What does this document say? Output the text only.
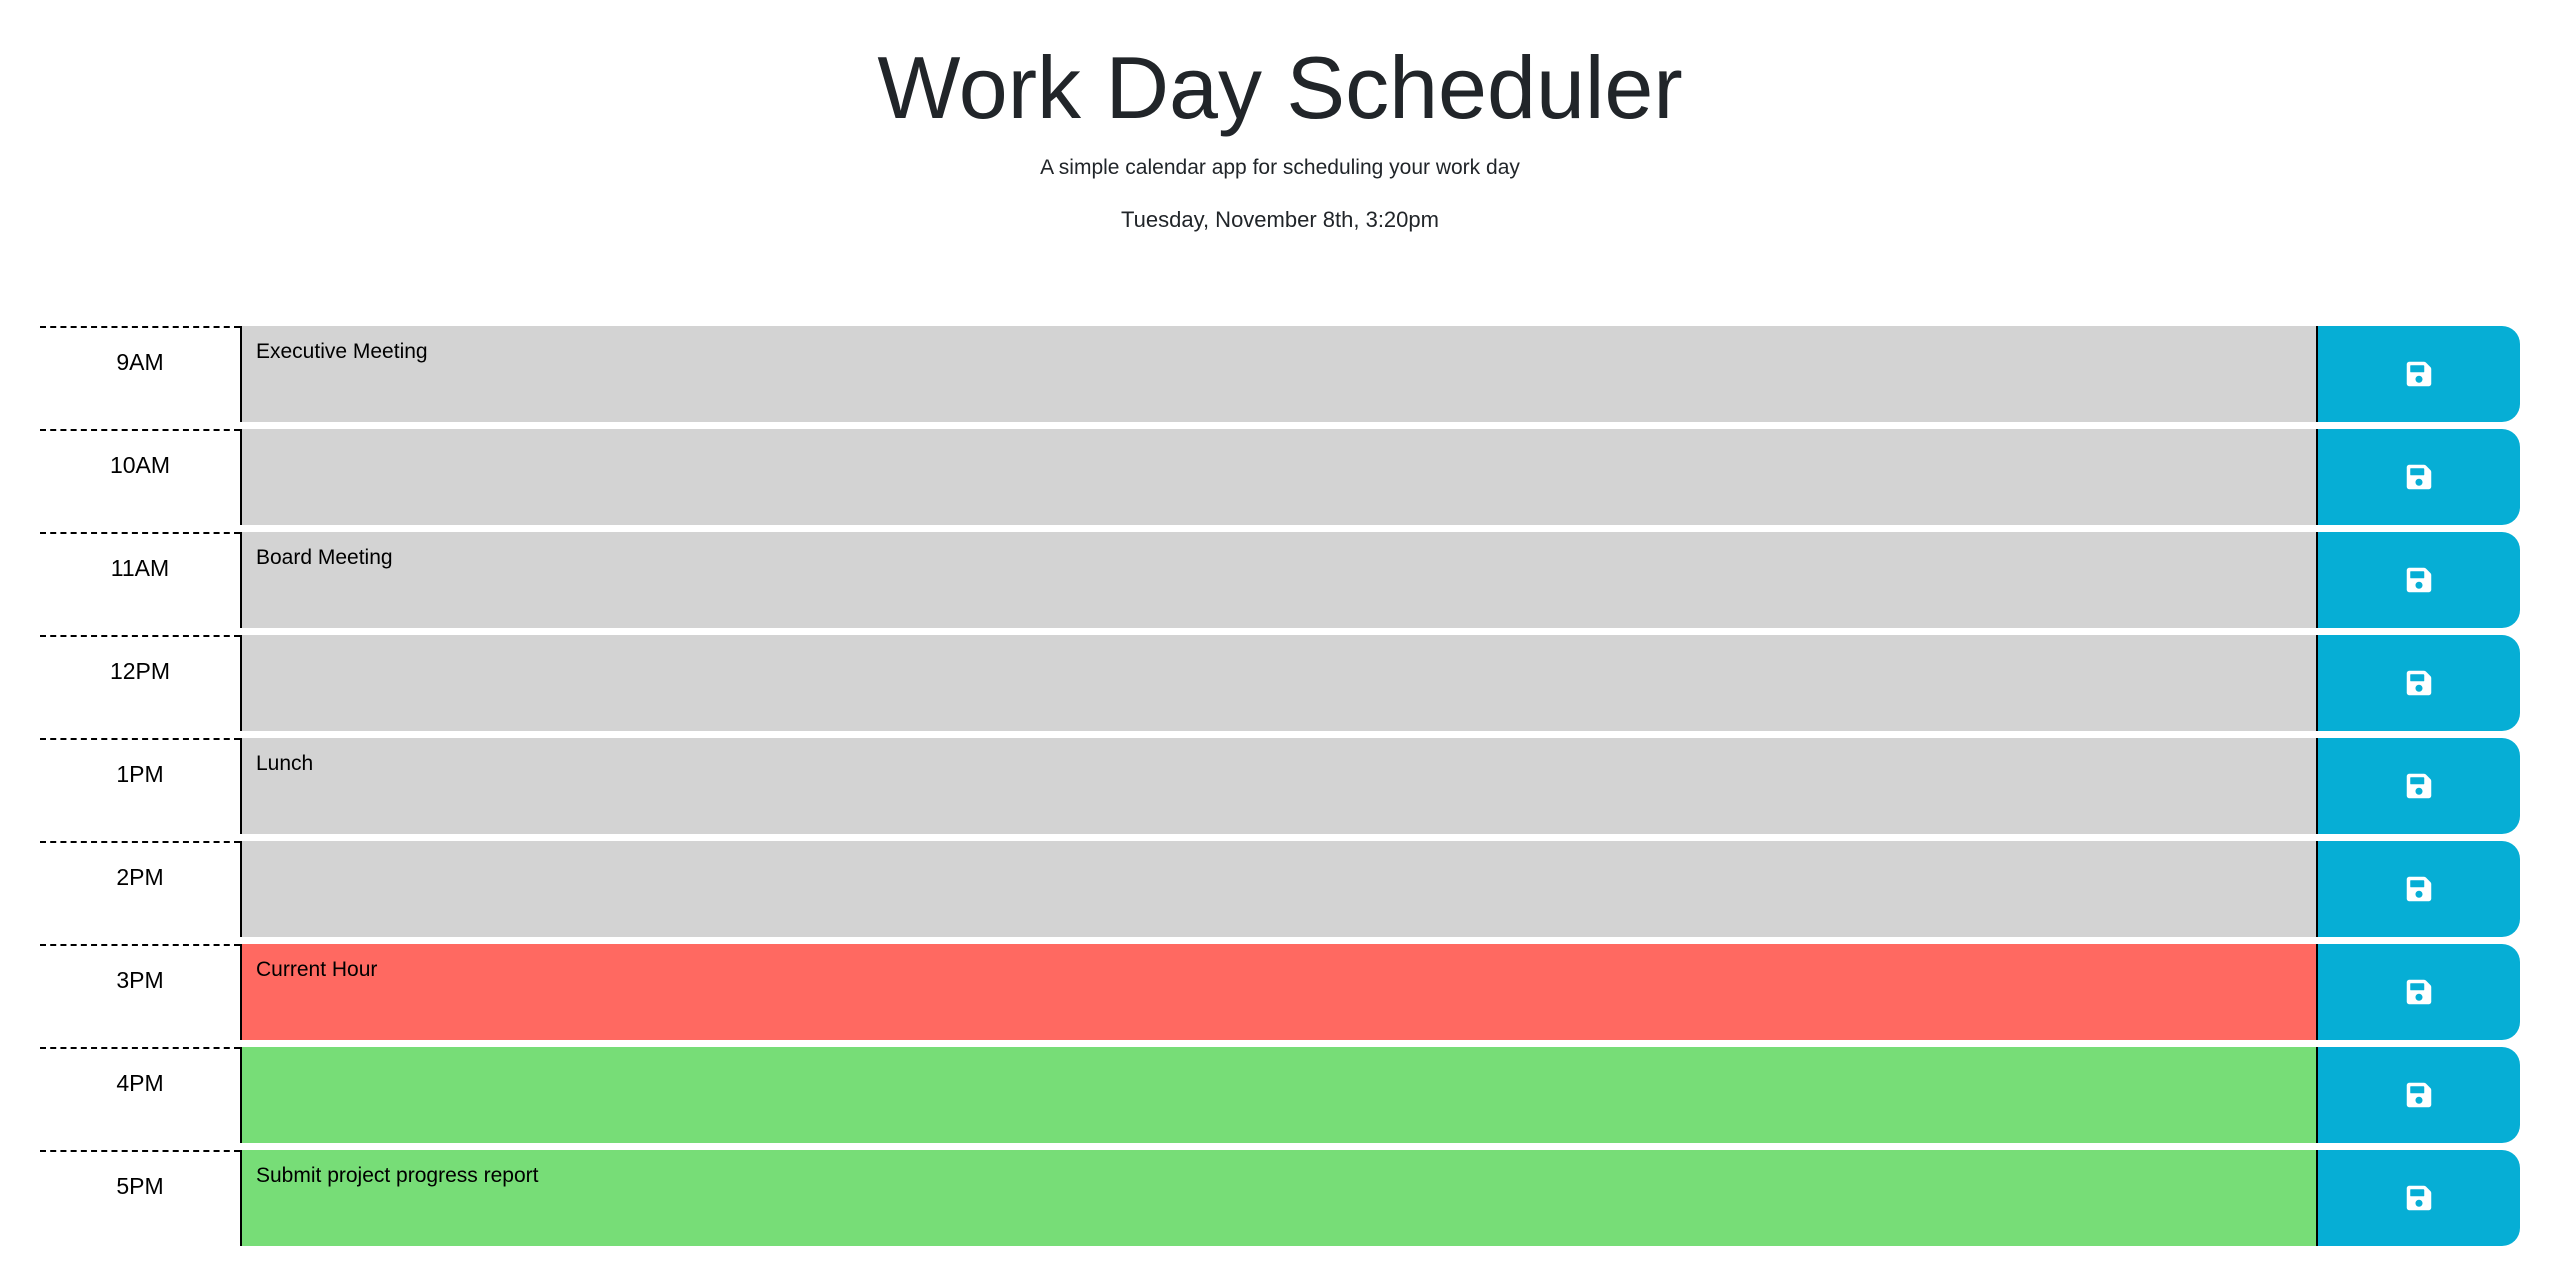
Work Day Scheduler

A simple calendar app for scheduling your work day

Tuesday, November 8th, 3:20pm

9AM
Executive Meeting
10AM
11AM
Board Meeting
12PM
1PM
Lunch
2PM
3PM
Current Hour
4PM
5PM
Submit project progress report
